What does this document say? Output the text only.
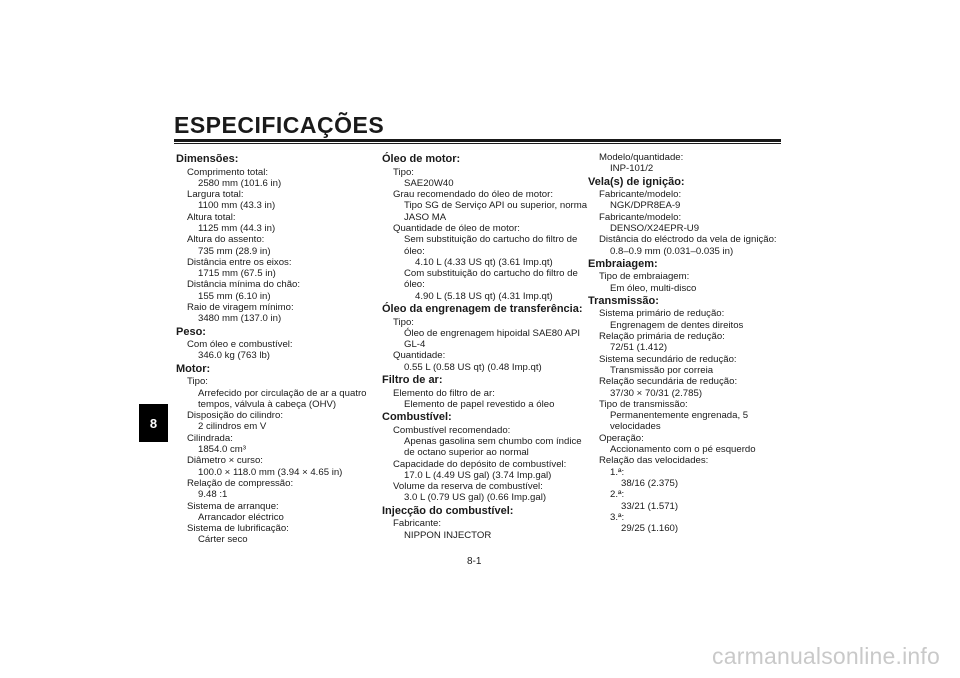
ESPECIFICAÇÕES
8
Dimensões:
Comprimento total:
2580 mm (101.6 in)
Largura total:
1100 mm (43.3 in)
Altura total:
1125 mm (44.3 in)
Altura do assento:
735 mm (28.9 in)
Distância entre os eixos:
1715 mm (67.5 in)
Distância mínima do chão:
155 mm (6.10 in)
Raio de viragem mínimo:
3480 mm (137.0 in)
Peso:
Com óleo e combustível:
346.0 kg (763 lb)
Motor:
Tipo:
Arrefecido por circulação de ar a quatro
tempos, válvula à cabeça (OHV)
Disposição do cilindro:
2 cilindros em V
Cilindrada:
1854.0 cm³
Diâmetro × curso:
100.0 × 118.0 mm (3.94 × 4.65 in)
Relação de compressão:
9.48 :1
Sistema de arranque:
Arrancador eléctrico
Sistema de lubrificação:
Cárter seco
Óleo de motor:
Tipo:
SAE20W40
Grau recomendado do óleo de motor:
Tipo SG de Serviço API ou superior, norma
JASO MA
Quantidade de óleo de motor:
Sem substituição do cartucho do filtro de
óleo:
4.10 L (4.33 US qt) (3.61 Imp.qt)
Com substituição do cartucho do filtro de
óleo:
4.90 L (5.18 US qt) (4.31 Imp.qt)
Óleo da engrenagem de transferência:
Tipo:
Óleo de engrenagem hipoidal SAE80 API
GL-4
Quantidade:
0.55 L (0.58 US qt) (0.48 Imp.qt)
Filtro de ar:
Elemento do filtro de ar:
Elemento de papel revestido a óleo
Combustível:
Combustível recomendado:
Apenas gasolina sem chumbo com índice
de octano superior ao normal
Capacidade do depósito de combustível:
17.0 L (4.49 US gal) (3.74 Imp.gal)
Volume da reserva de combustível:
3.0 L (0.79 US gal) (0.66 Imp.gal)
Injecção do combustível:
Fabricante:
NIPPON INJECTOR
Modelo/quantidade:
INP-101/2
Vela(s) de ignição:
Fabricante/modelo:
NGK/DPR8EA-9
Fabricante/modelo:
DENSO/X24EPR-U9
Distância do eléctrodo da vela de ignição:
0.8–0.9 mm (0.031–0.035 in)
Embraiagem:
Tipo de embraiagem:
Em óleo, multi-disco
Transmissão:
Sistema primário de redução:
Engrenagem de dentes direitos
Relação primária de redução:
72/51 (1.412)
Sistema secundário de redução:
Transmissão por correia
Relação secundária de redução:
37/30 × 70/31 (2.785)
Tipo de transmissão:
Permanentemente engrenada, 5
velocidades
Operação:
Accionamento com o pé esquerdo
Relação das velocidades:
1.ª:
38/16 (2.375)
2.ª:
33/21 (1.571)
3.ª:
29/25 (1.160)
8-1
carmanualsonline.info
